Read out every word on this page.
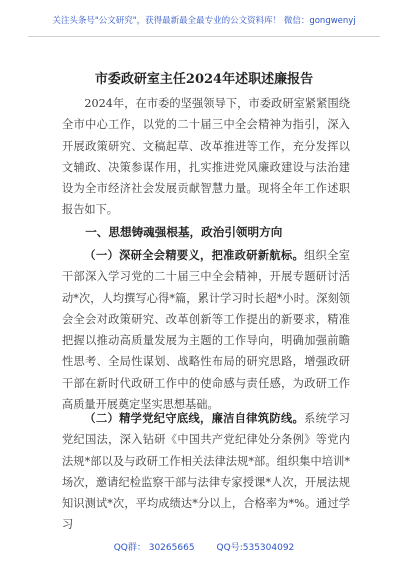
关注头条号"公文研究"，获得最新最全最专业的公文资料库！ 微信：gongwenyj
市委政研室主任2024年述职述廉报告
2024年，在市委的坚强领导下，市委政研室紧紧围绕全市中心工作，以党的二十届三中全会精神为指引，深入开展政策研究、文稿起草、改革推进等工作，充分发挥以文辅政、决策参谋作用，扎实推进党风廉政建设与法治建设为全市经济社会发展贡献智慧力量。现将全年工作述职报告如下。
一、思想铸魂强根基，政治引领明方向
（一）深研全会精要义，把准政研新航标。组织全室干部深入学习党的二十届三中全会精神，开展专题研讨活动*次，人均撰写心得*篇，累计学习时长超*小时。深刻领会全会对政策研究、改革创新等工作提出的新要求，精准把握以推动高质量发展为主题的工作导向，明确加强前瞻性思考、全局性谋划、战略性布局的研究思路，增强政研干部在新时代政研工作中的使命感与责任感，为政研工作高质量开展奠定坚实思想基础。
（二）精学党纪守底线，廉洁自律筑防线。系统学习党纪国法，深入钻研《中国共产党纪律处分条例》等党内法规*部以及与政研工作相关法律法规*部。组织集中培训*场次，邀请纪检监察干部与法律专家授课*人次，开展法规知识测试*次，平均成绩达*分以上，合格率为*%。通过学习
QQ群： 30265665 QQ号:535304092
